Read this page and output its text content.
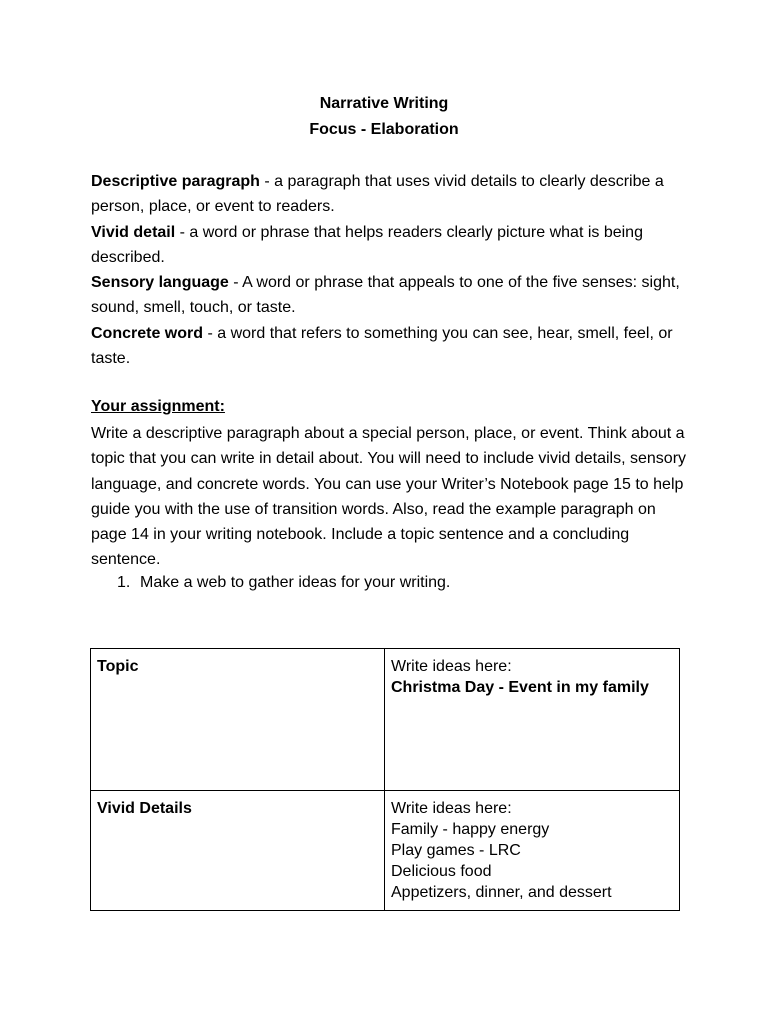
Narrative Writing
Focus - Elaboration

Descriptive paragraph - a paragraph that uses vivid details to clearly describe a person, place, or event to readers.

Vivid detail - a word or phrase that helps readers clearly picture what is being described.

Sensory language - A word or phrase that appeals to one of the five senses: sight, sound, smell, touch, or taste.

Concrete word - a word that refers to something you can see, hear, smell, feel, or taste.

Your assignment:

Write a descriptive paragraph about a special person, place, or event. Think about a topic that you can write in detail about. You will need to include vivid details, sensory language, and concrete words. You can use your Writer’s Notebook page 15 to help guide you with the use of transition words. Also, read the example paragraph on page 14 in your writing notebook. Include a topic sentence and a concluding sentence.

1. Make a web to gather ideas for your writing.
Topic	Write ideas here:
Christma Day - Event in my family

Vivid Details	Write ideas here:
Family - happy energy
Play games - LRC
Delicious food
Appetizers, dinner, and dessert
